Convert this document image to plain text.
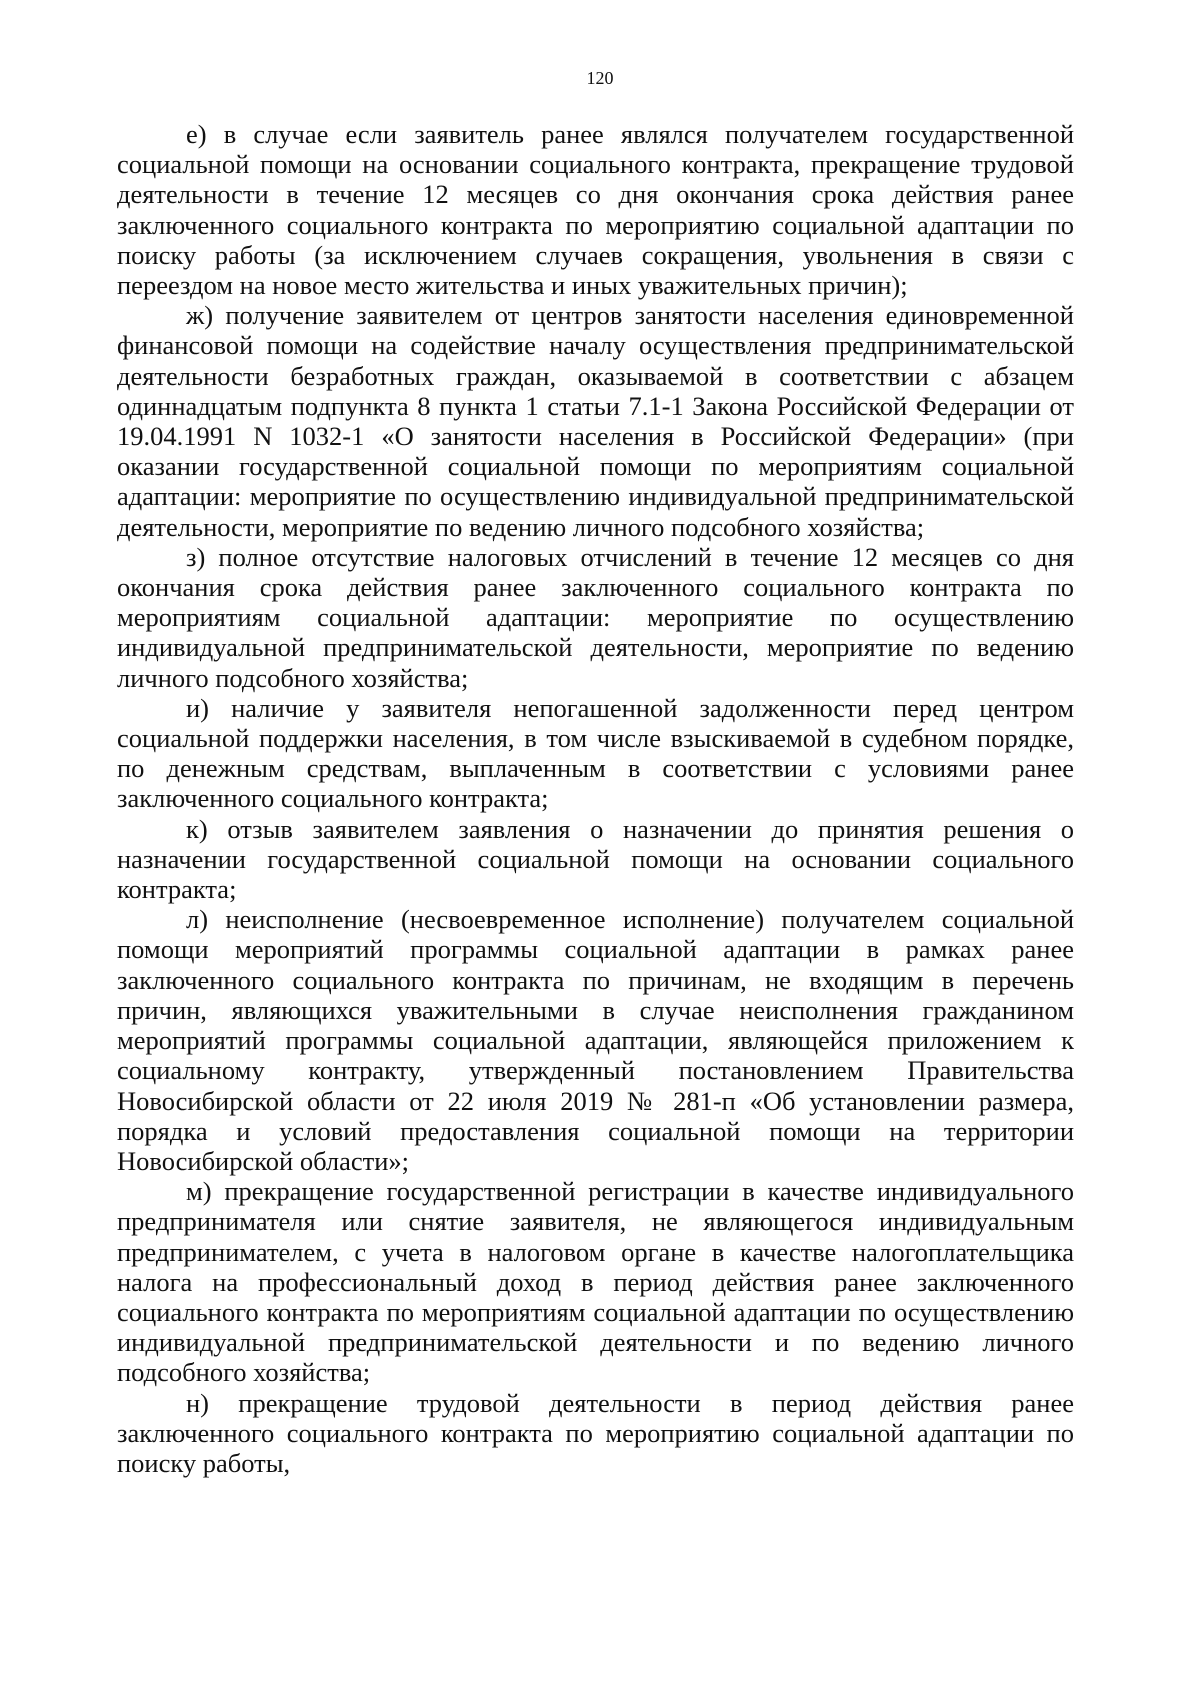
120

е) в случае если заявитель ранее являлся получателем государственной социальной помощи на основании социального контракта, прекращение трудовой деятельности в течение 12 месяцев со дня окончания срока действия ранее заключенного социального контракта по мероприятию социальной адаптации по поиску работы (за исключением случаев сокращения, увольнения в связи с переездом на новое место жительства и иных уважительных причин);

ж) получение заявителем от центров занятости населения единовременной финансовой помощи на содействие началу осуществления предпринимательской деятельности безработных граждан, оказываемой в соответствии с абзацем одиннадцатым подпункта 8 пункта 1 статьи 7.1-1 Закона Российской Федерации от 19.04.1991 N 1032-1 «О занятости населения в Российской Федерации» (при оказании государственной социальной помощи по мероприятиям социальной адаптации: мероприятие по осуществлению индивидуальной предпринимательской деятельности, мероприятие по ведению личного подсобного хозяйства;

з) полное отсутствие налоговых отчислений в течение 12 месяцев со дня окончания срока действия ранее заключенного социального контракта по мероприятиям социальной адаптации: мероприятие по осуществлению индивидуальной предпринимательской деятельности, мероприятие по ведению личного подсобного хозяйства;

и) наличие у заявителя непогашенной задолженности перед центром социальной поддержки населения, в том числе взыскиваемой в судебном порядке, по денежным средствам, выплаченным в соответствии с условиями ранее заключенного социального контракта;

к) отзыв заявителем заявления о назначении до принятия решения о назначении государственной социальной помощи на основании социального контракта;

л) неисполнение (несвоевременное исполнение) получателем социальной помощи мероприятий программы социальной адаптации в рамках ранее заключенного социального контракта по причинам, не входящим в перечень причин, являющихся уважительными в случае неисполнения гражданином мероприятий программы социальной адаптации, являющейся приложением к социальному контракту, утвержденный постановлением Правительства Новосибирской области от 22 июля 2019 № 281-п «Об установлении размера, порядка и условий предоставления социальной помощи на территории Новосибирской области»;

м) прекращение государственной регистрации в качестве индивидуального предпринимателя или снятие заявителя, не являющегося индивидуальным предпринимателем, с учета в налоговом органе в качестве налогоплательщика налога на профессиональный доход в период действия ранее заключенного социального контракта по мероприятиям социальной адаптации по осуществлению индивидуальной предпринимательской деятельности и по ведению личного подсобного хозяйства;

н) прекращение трудовой деятельности в период действия ранее заключенного социального контракта по мероприятию социальной адаптации по поиску работы,
